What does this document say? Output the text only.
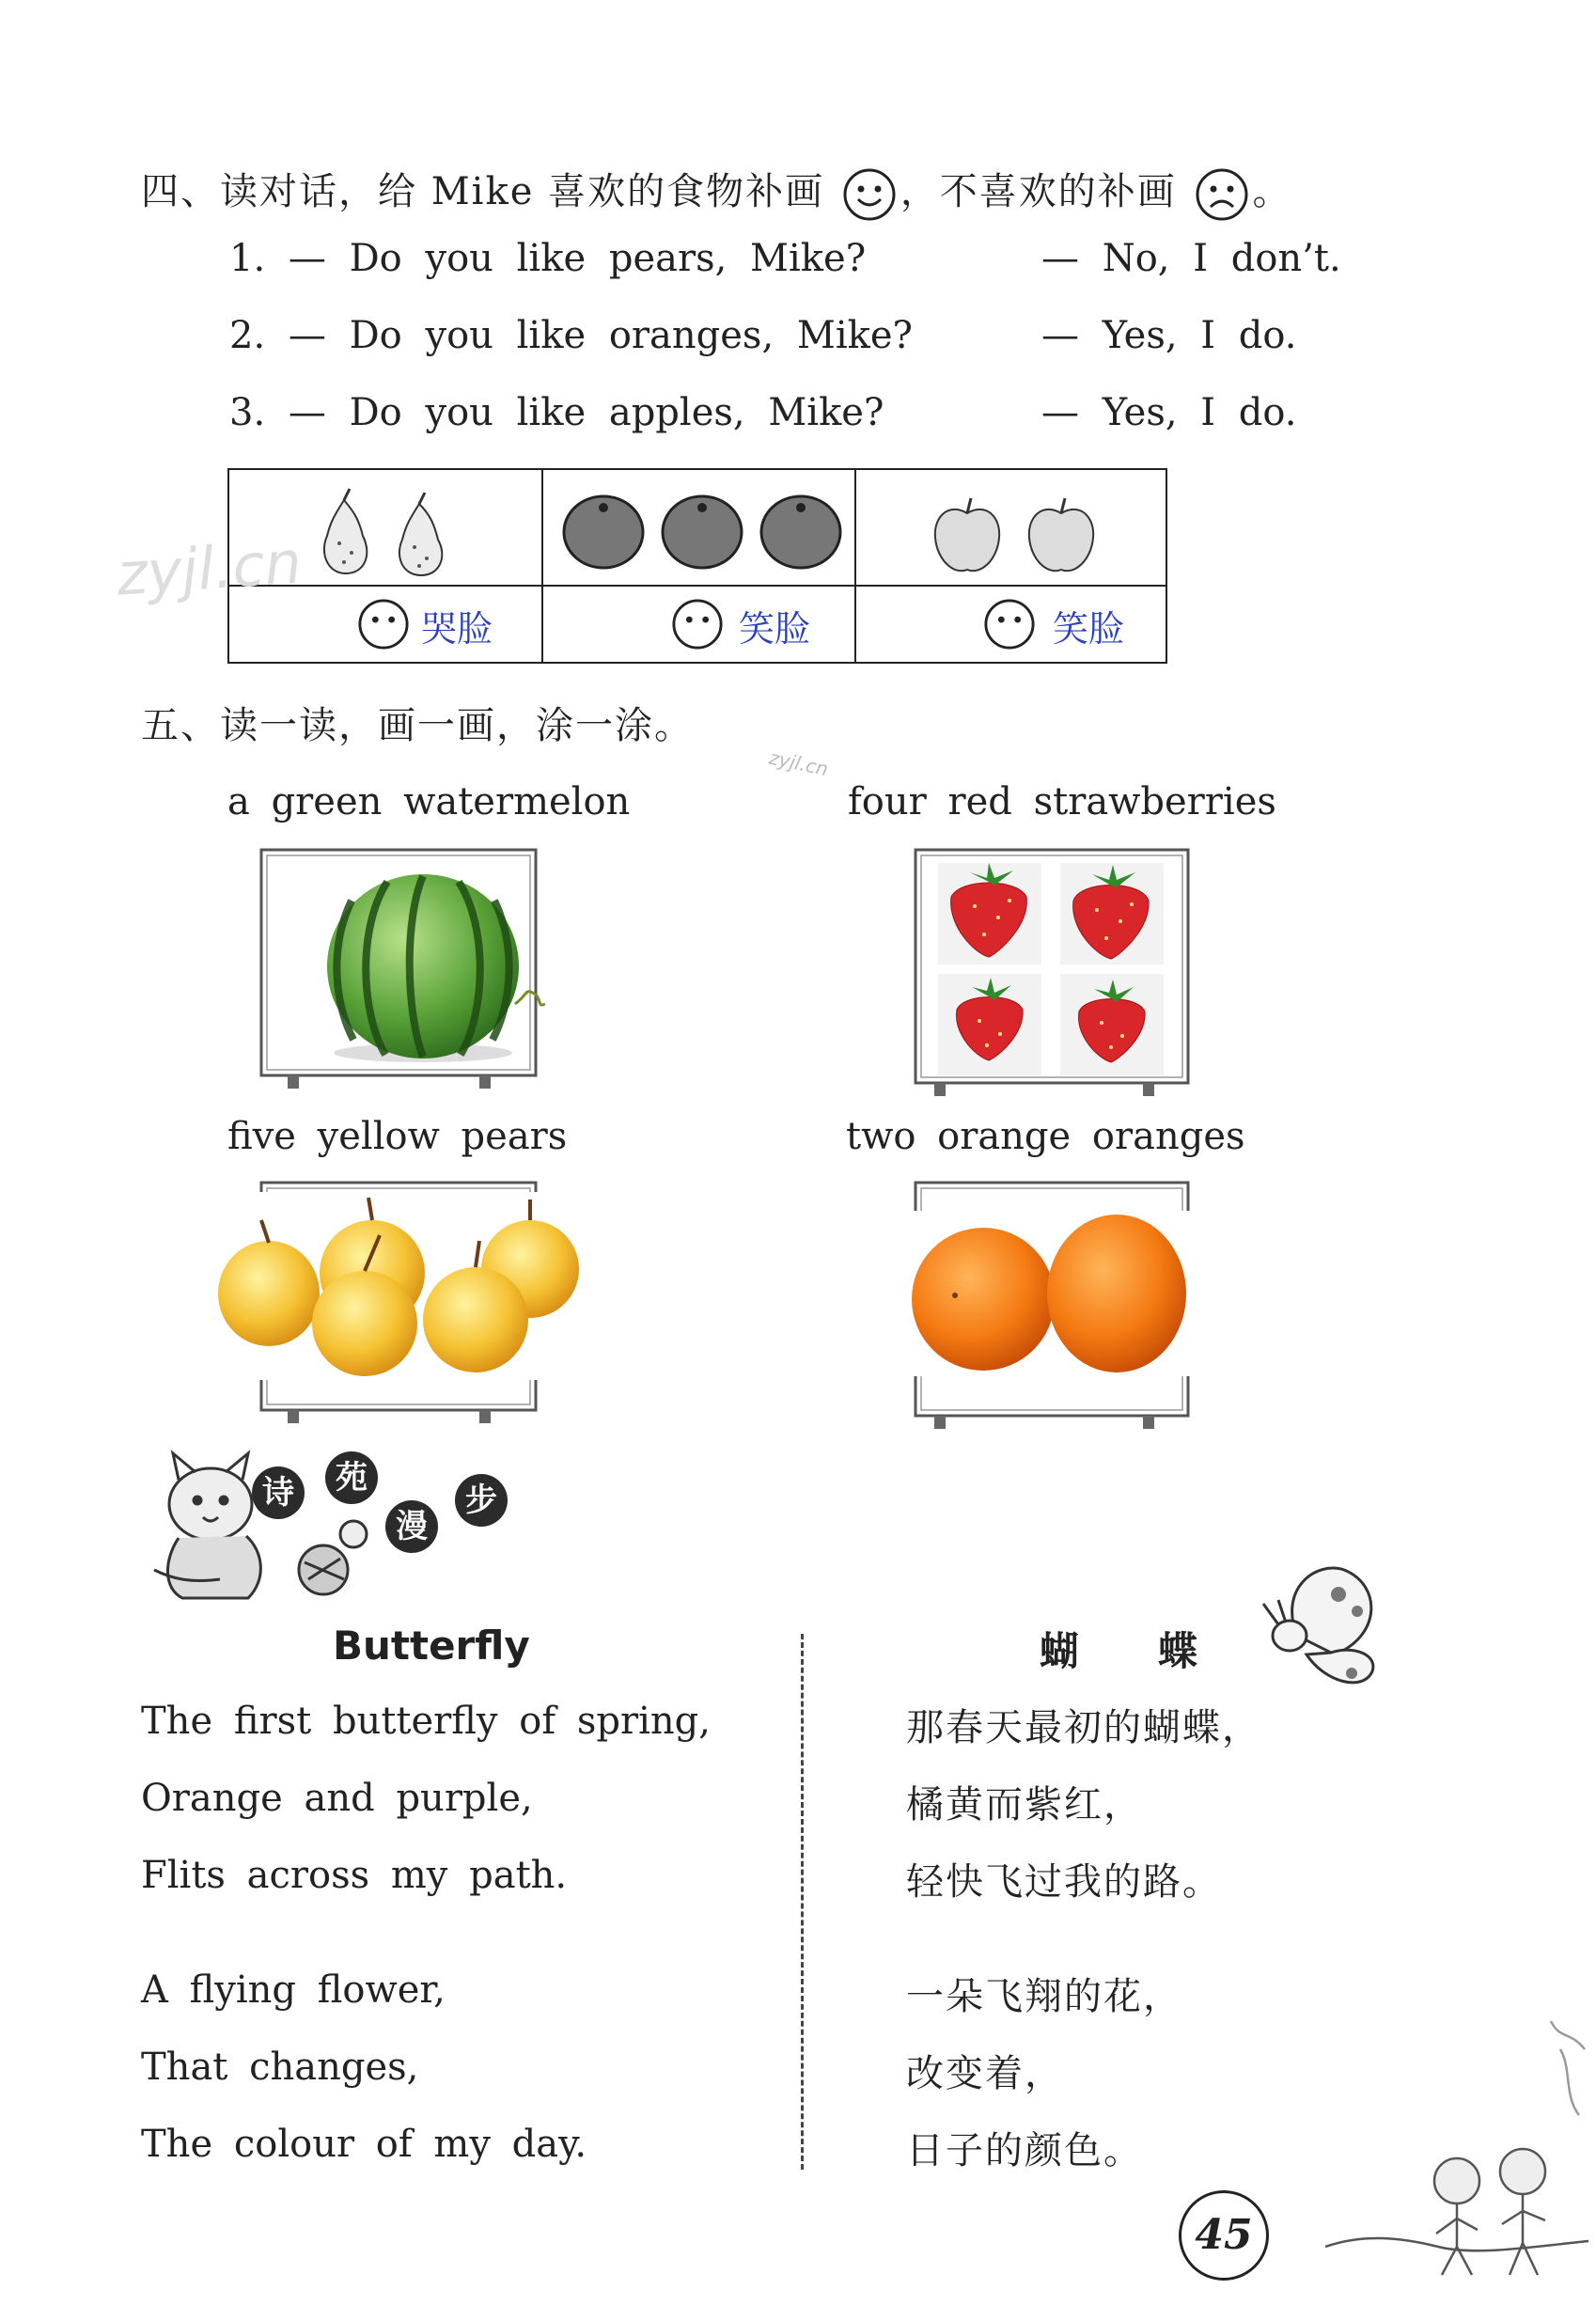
四、读对话，给 Mike 喜欢的食物补画 ，不喜欢的补画 。
1. — Do you like pears, Mike?	— No, I don’t.
2. — Do you like oranges, Mike?	— Yes, I do.
3. — Do you like apples, Mike?	— Yes, I do.
哭脸	笑脸	笑脸
zyjl.cn
五、读一读，画一画，涂一涂。
zyjl.cn
a green watermelon	four red strawberries
five yellow pears	two orange oranges
诗	苑
漫
步
Butterfly	蝴　　蝶
The first butterfly of spring,
Orange and purple,
Flits across my path.
A flying flower,
That changes,
The colour of my day.
那春天最初的蝴蝶，
橘黄而紫红，
轻快飞过我的路。
一朵飞翔的花，
改变着，
日子的颜色。
45
